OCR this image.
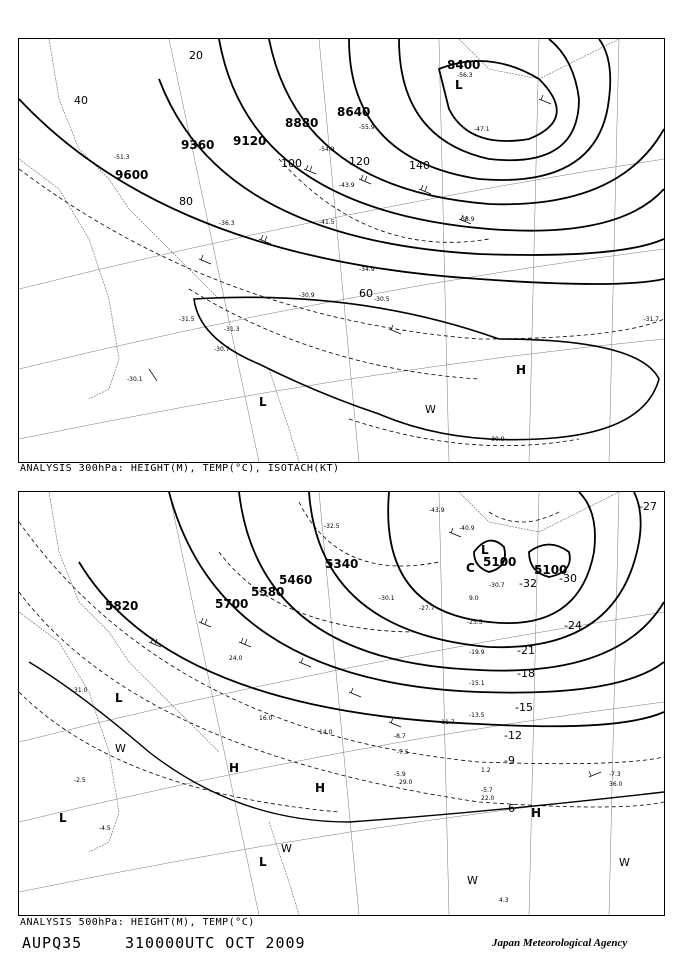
8400
8640
8880
9120
9360
9600
20
40
60
80
100	120	140
L
L
H
W
-56.3
-55.9
-54.9
-51.3
-47.1
-43.9
-41.5	-38.9
-36.3
-34.9
-31.7
-31.3
-30.9
-30.7
-30.5
-30.1
-31.5
-30.9
ANALYSIS 300hPa: HEIGHT(M), TEMP(°C), ISOTACH(KT)
5100
5100
5340
5460
5580
5700
5820
-6
-9
-12
-15
-18
-21
-24
-27
-30
-32
L
L
C
H
H
H
L
L
W
W
W
W
-43.9
-40.9
-32.5
-30.7
-30.1
-27.7
-23.5
-19.9
-15.1
-13.5
-11.7
-8.7
-7.5
-7.3
-5.9
-5.7
-4.5
-2.5
36.0
31.0
29.0
24.0
22.0
16.0
14.0
9.0
4.3
1.2
ANALYSIS 500hPa: HEIGHT(M), TEMP(°C)
AUPQ35	310000UTC OCT 2009	Japan Meteorological Agency
